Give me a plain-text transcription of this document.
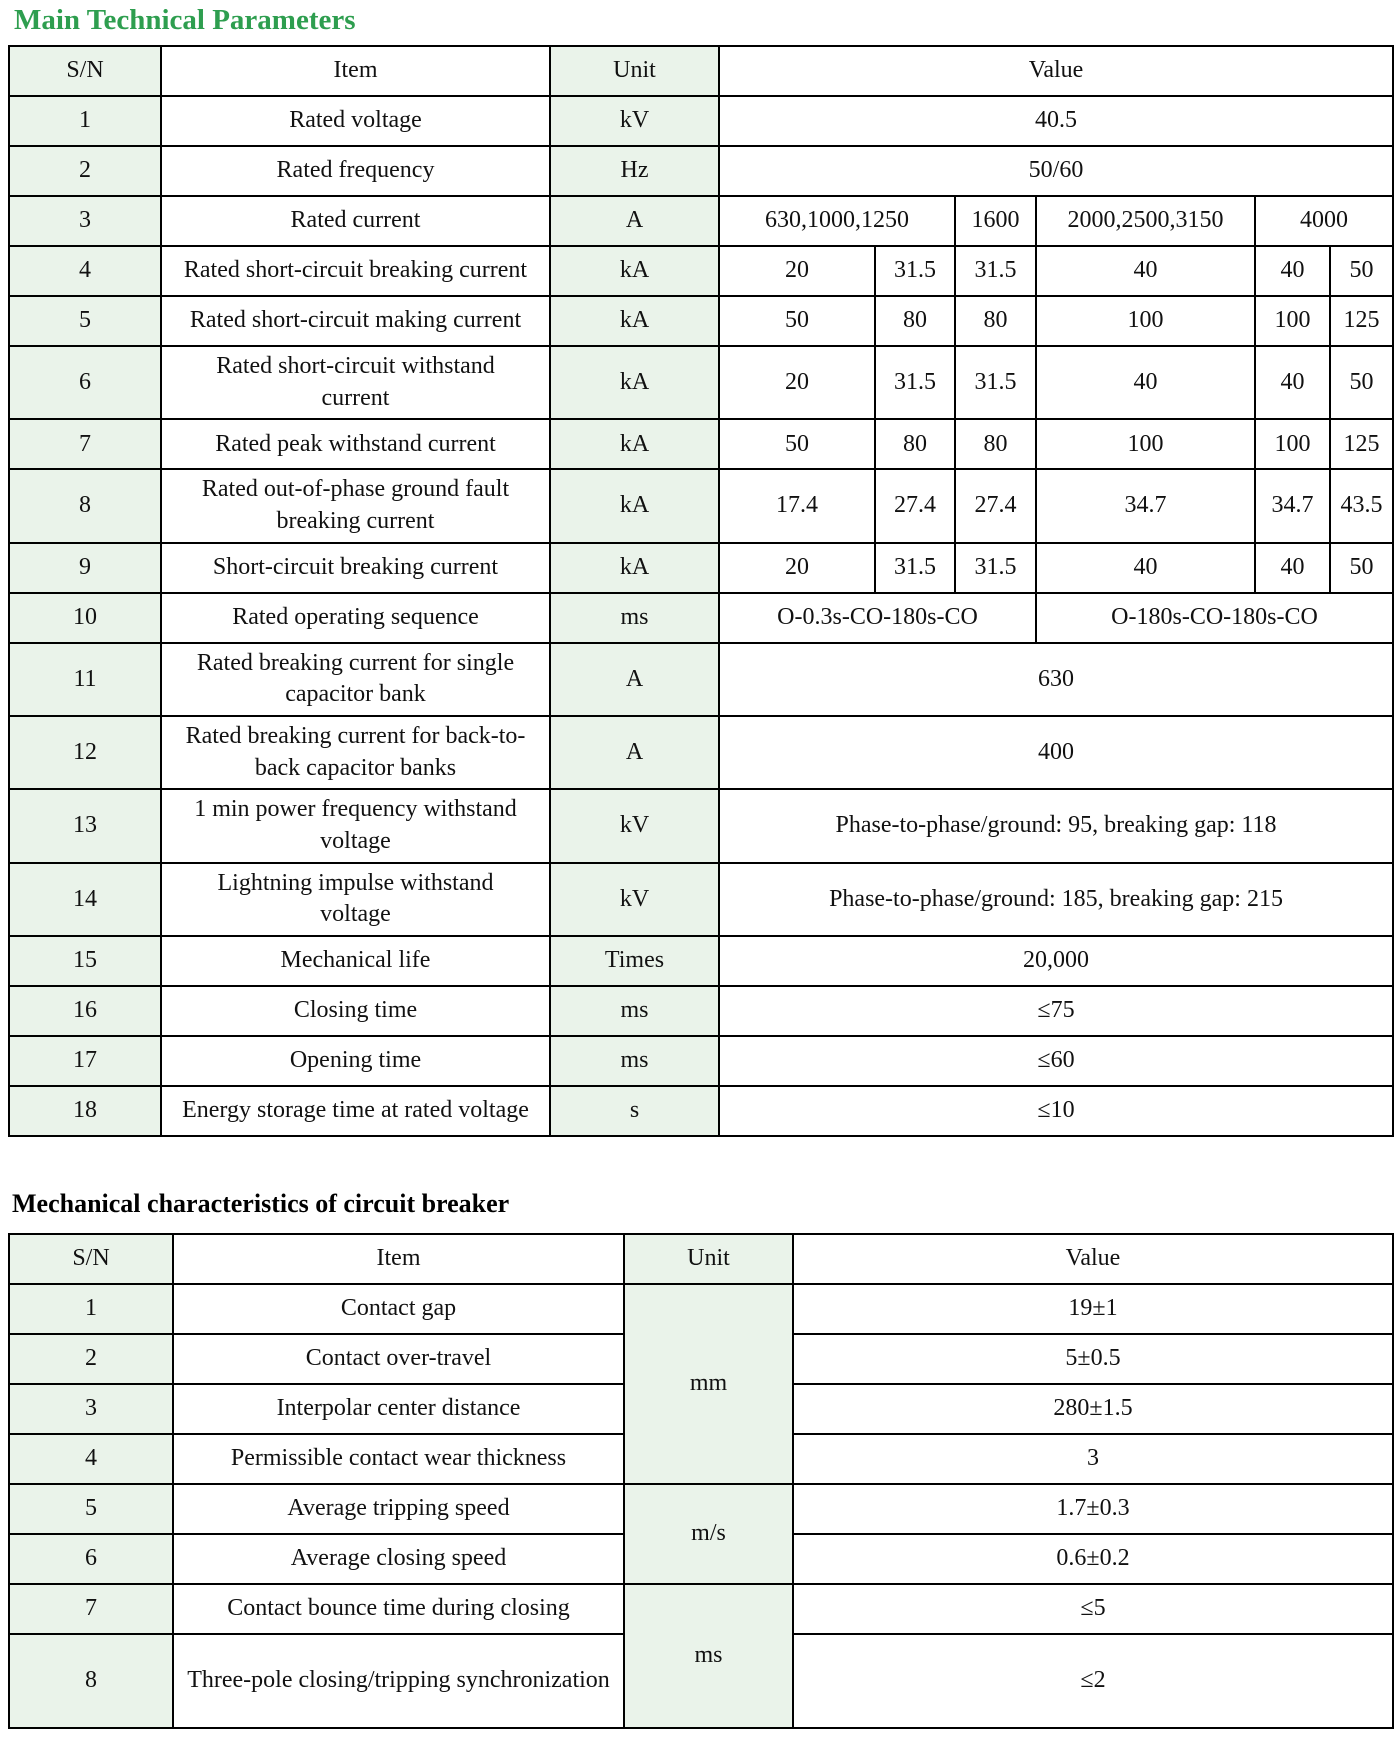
Main Technical Parameters
S/N	Item	Unit	Value					
1	Rated voltage	kV	40.5					
2	Rated frequency	Hz	50/60					
3	Rated current	A	630,1000,1250		1600	2000,2500,3150	4000	
4	Rated short-circuit breaking current	kA	20	31.5	31.5	40	40	50
5	Rated short-circuit making current	kA	50	80	80	100	100	125
6	Rated short-circuit withstand current	kA	20	31.5	31.5	40	40	50
7	Rated peak withstand current	kA	50	80	80	100	100	125
8	Rated out-of-phase ground fault breaking current	kA	17.4	27.4	27.4	34.7	34.7	43.5
9	Short-circuit breaking current	kA	20	31.5	31.5	40	40	50
10	Rated operating sequence	ms	O-0.3s-CO-180s-CO			O-180s-CO-180s-CO		
11	Rated breaking current for single capacitor bank	A	630					
12	Rated breaking current for back-to-back capacitor banks	A	400					
13	1 min power frequency withstand voltage	kV	Phase-to-phase/ground: 95, breaking gap: 118					
14	Lightning impulse withstand voltage	kV	Phase-to-phase/ground: 185, breaking gap: 215					
15	Mechanical life	Times	20,000					
16	Closing time	ms	≤75					
17	Opening time	ms	≤60					
18	Energy storage time at rated voltage	s	≤10					
Mechanical characteristics of circuit breaker
S/N	Item	Unit	Value
1	Contact gap	mm	19±1
2	Contact over-travel		5±0.5
3	Interpolar center distance		280±1.5
4	Permissible contact wear thickness		3
5	Average tripping speed	m/s	1.7±0.3
6	Average closing speed		0.6±0.2
7	Contact bounce time during closing	ms	≤5
8	Three-pole closing/tripping synchronization		≤2
